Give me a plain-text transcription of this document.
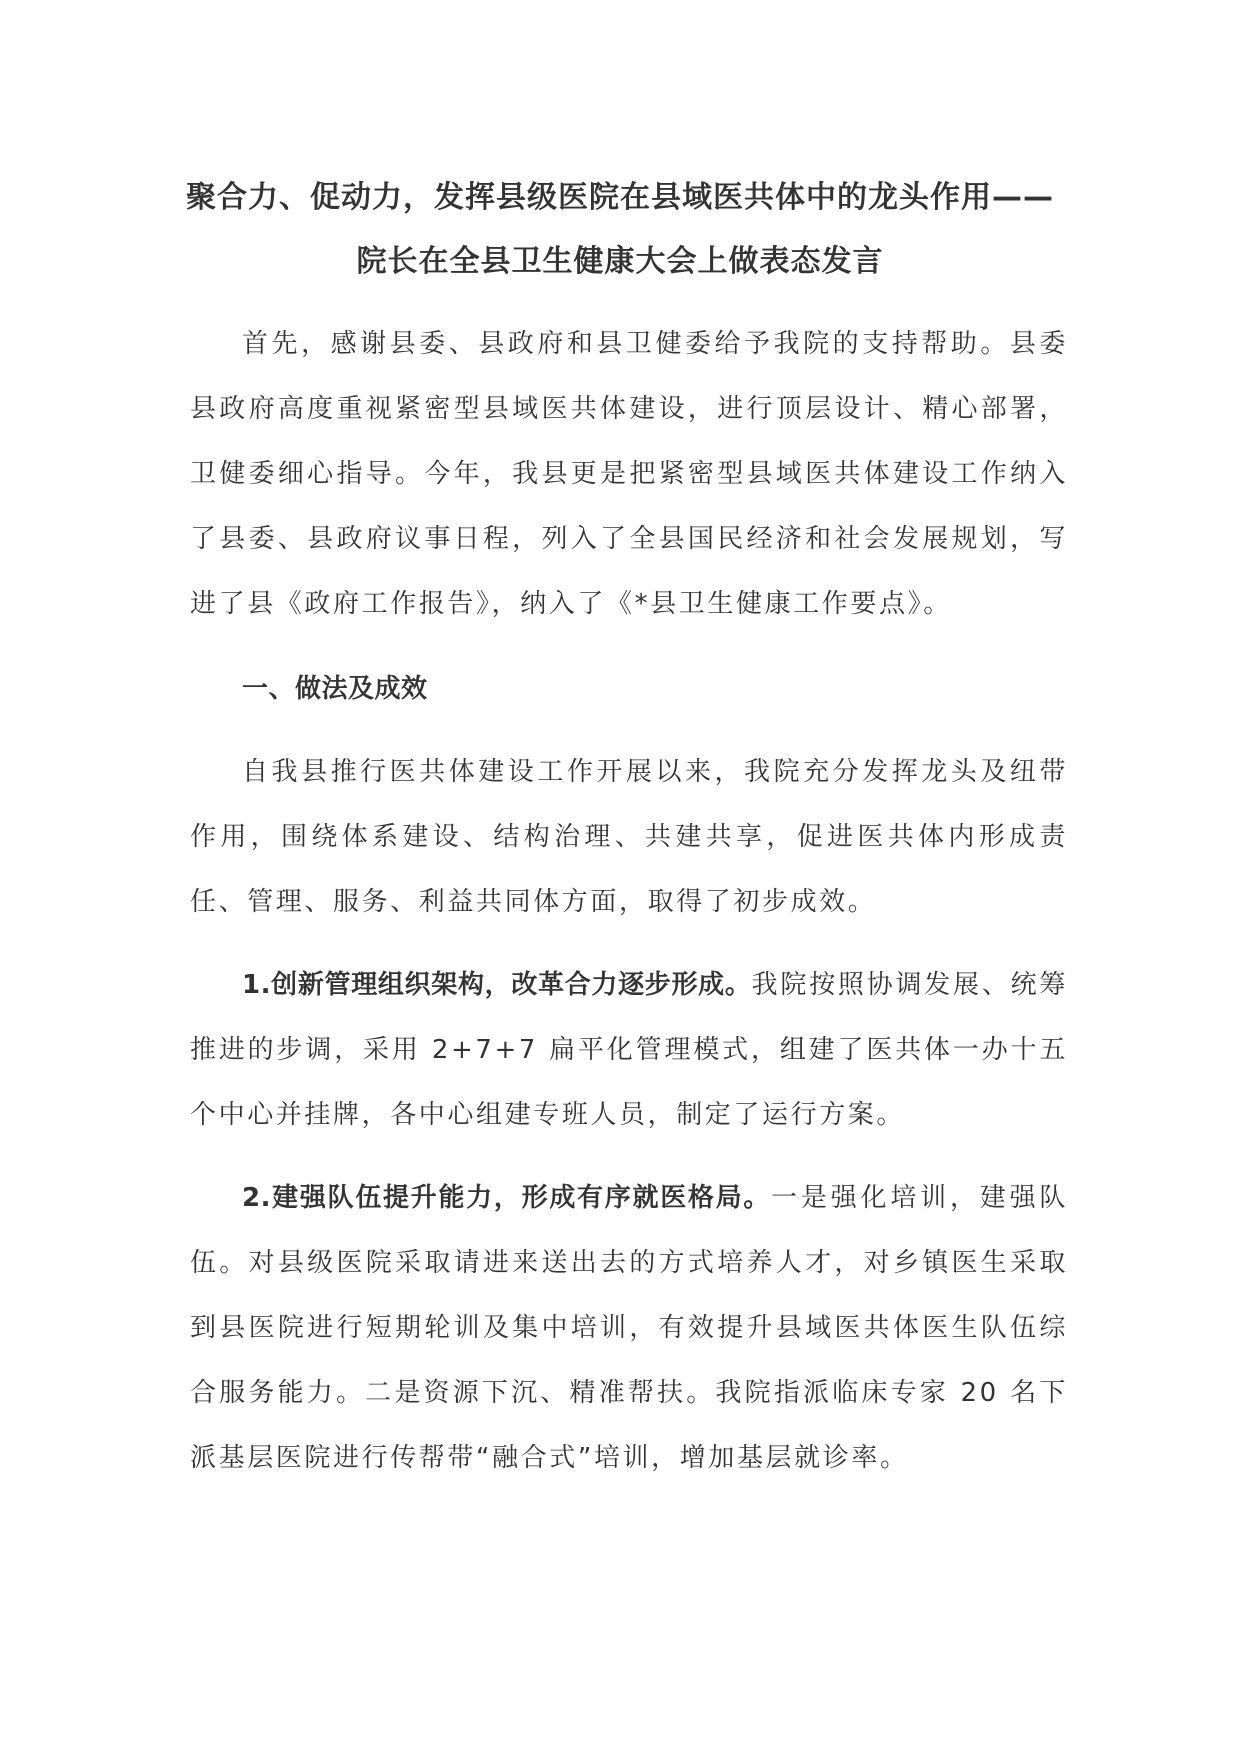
聚合力、促动力，发挥县级医院在县域医共体中的龙头作用——院长在全县卫生健康大会上做表态发言

首先，感谢县委、县政府和县卫健委给予我院的支持帮助。县委县政府高度重视紧密型县域医共体建设，进行顶层设计、精心部署，卫健委细心指导。今年，我县更是把紧密型县域医共体建设工作纳入了县委、县政府议事日程，列入了全县国民经济和社会发展规划，写进了县《政府工作报告》，纳入了《*县卫生健康工作要点》。

一、做法及成效

自我县推行医共体建设工作开展以来，我院充分发挥龙头及纽带作用，围绕体系建设、结构治理、共建共享，促进医共体内形成责任、管理、服务、利益共同体方面，取得了初步成效。

1.创新管理组织架构，改革合力逐步形成。我院按照协调发展、统筹推进的步调，采用 2+7+7 扁平化管理模式，组建了医共体一办十五个中心并挂牌，各中心组建专班人员，制定了运行方案。

2.建强队伍提升能力，形成有序就医格局。一是强化培训，建强队伍。对县级医院采取请进来送出去的方式培养人才，对乡镇医生采取到县医院进行短期轮训及集中培训，有效提升县域医共体医生队伍综合服务能力。二是资源下沉、精准帮扶。我院指派临床专家 20 名下派基层医院进行传帮带“融合式”培训，增加基层就诊率。
